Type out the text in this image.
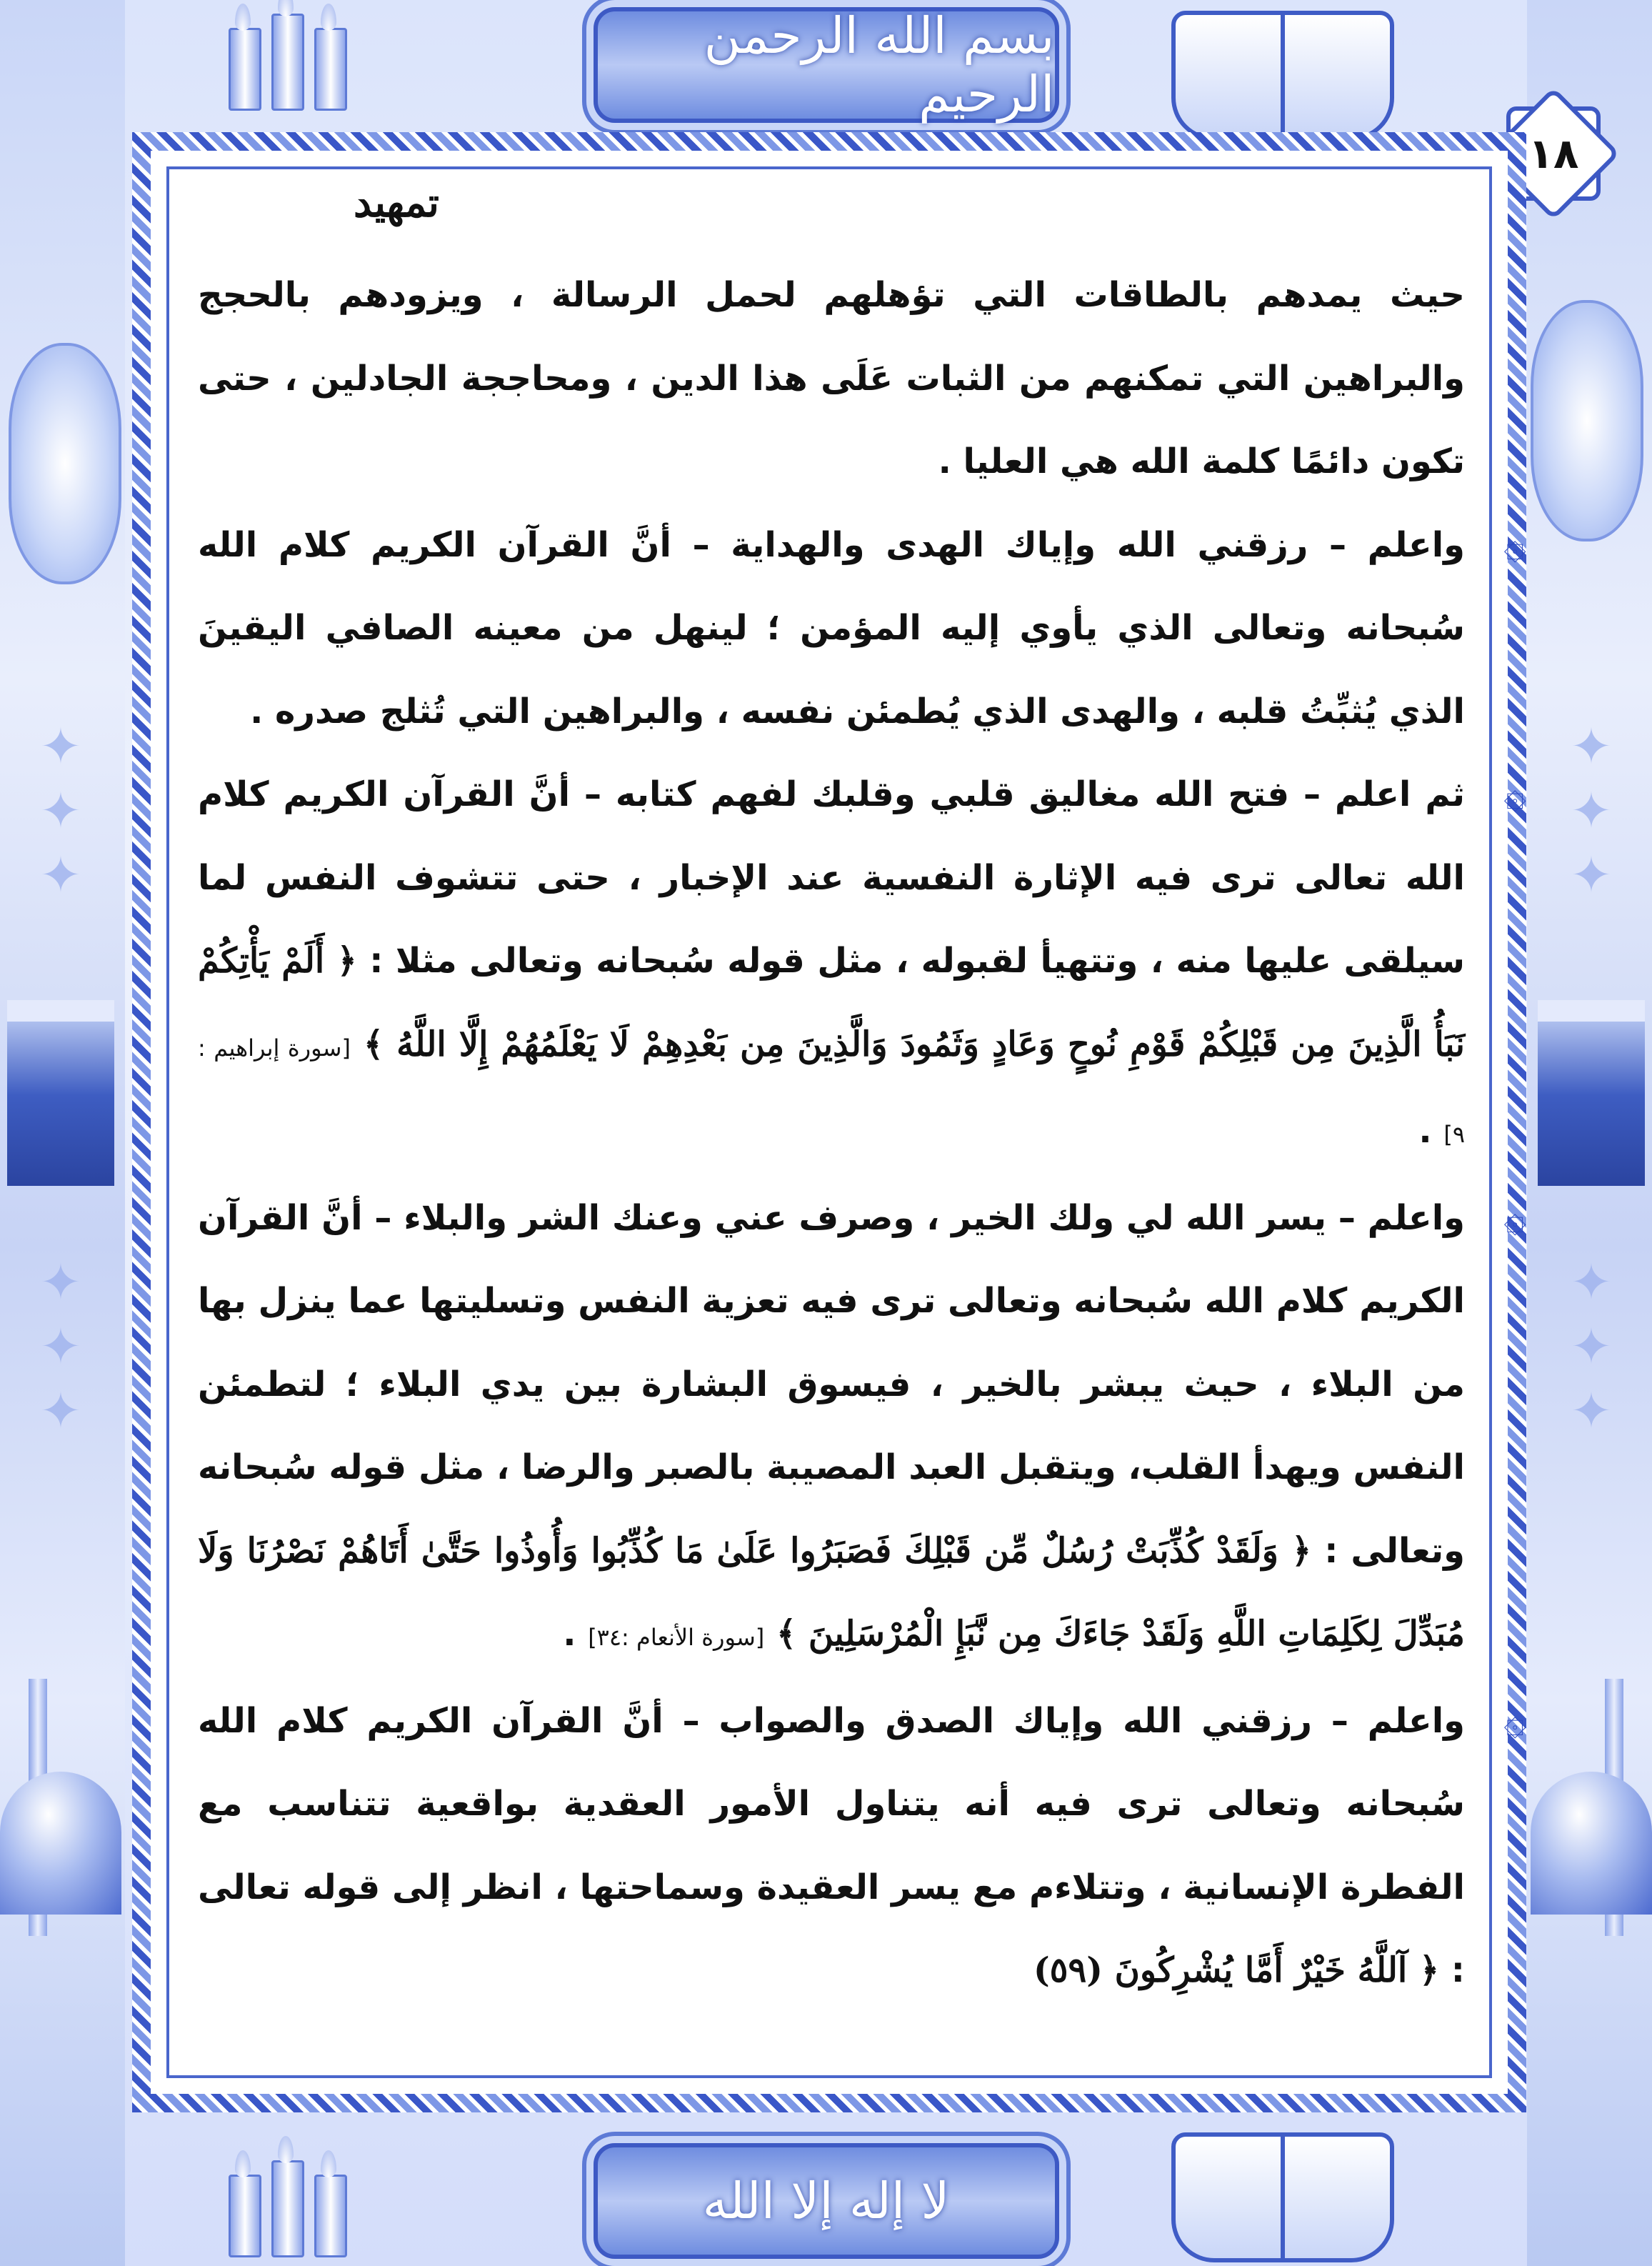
✦
✦
✦
✦
✦
✦
✦
✦
✦
✦
✦
✦
بسم الله الرحمن الرحيم
لا إله إلا الله
١٨
تمهيد

حيث يمدهم بالطاقات التي تؤهلهم لحمل الرسالة ، ويزودهم بالحجج والبراهين التي تمكنهم من الثبات عَلَى هذا الدين ، ومحاججة الجادلين ، حتى تكون دائمًا كلمة الله هي العليا .

۞ واعلم – رزقني الله وإياك الهدى والهداية – أنَّ القرآن الكريم كلام الله سُبحانه وتعالى الذي يأوي إليه المؤمن ؛ لينهل من معينه الصافي اليقينَ الذي يُثبِّتُ قلبه ، والهدى الذي يُطمئن نفسه ، والبراهين التي تُثلج صدره .

۞ ثم اعلم – فتح الله مغاليق قلبي وقلبك لفهم كتابه – أنَّ القرآن الكريم كلام الله تعالى ترى فيه الإثارة النفسية عند الإخبار ، حتى تتشوف النفس لما سيلقى عليها منه ، وتتهيأ لقبوله ، مثل قوله سُبحانه وتعالى مثلا : ﴿ أَلَمْ يَأْتِكُمْ نَبَأُ الَّذِينَ مِن قَبْلِكُمْ قَوْمِ نُوحٍ وَعَادٍ وَثَمُودَ وَالَّذِينَ مِن بَعْدِهِمْ لَا يَعْلَمُهُمْ إِلَّا اللَّهُ ﴾ [سورة إبراهيم : ٩] .

۞ واعلم – يسر الله لي ولك الخير ، وصرف عني وعنك الشر والبلاء – أنَّ القرآن الكريم كلام الله سُبحانه وتعالى ترى فيه تعزية النفس وتسليتها عما ينزل بها من البلاء ، حيث يبشر بالخير ، فيسوق البشارة بين يدي البلاء ؛ لتطمئن النفس ويهدأ القلب، ويتقبل العبد المصيبة بالصبر والرضا ، مثل قوله سُبحانه وتعالى : ﴿ وَلَقَدْ كُذِّبَتْ رُسُلٌ مِّن قَبْلِكَ فَصَبَرُوا عَلَىٰ مَا كُذِّبُوا وَأُوذُوا حَتَّىٰ أَتَاهُمْ نَصْرُنَا وَلَا مُبَدِّلَ لِكَلِمَاتِ اللَّهِ وَلَقَدْ جَاءَكَ مِن نَّبَإِ الْمُرْسَلِينَ ﴾ [سورة الأنعام :٣٤] .

۞ واعلم – رزقني الله وإياك الصدق والصواب – أنَّ القرآن الكريم كلام الله سُبحانه وتعالى ترى فيه أنه يتناول الأمور العقدية بواقعية تتناسب مع الفطرة الإنسانية ، وتتلاءم مع يسر العقيدة وسماحتها ، انظر إلى قوله تعالى : ﴿ آللَّهُ خَيْرٌ أَمَّا يُشْرِكُونَ (٥٩)
